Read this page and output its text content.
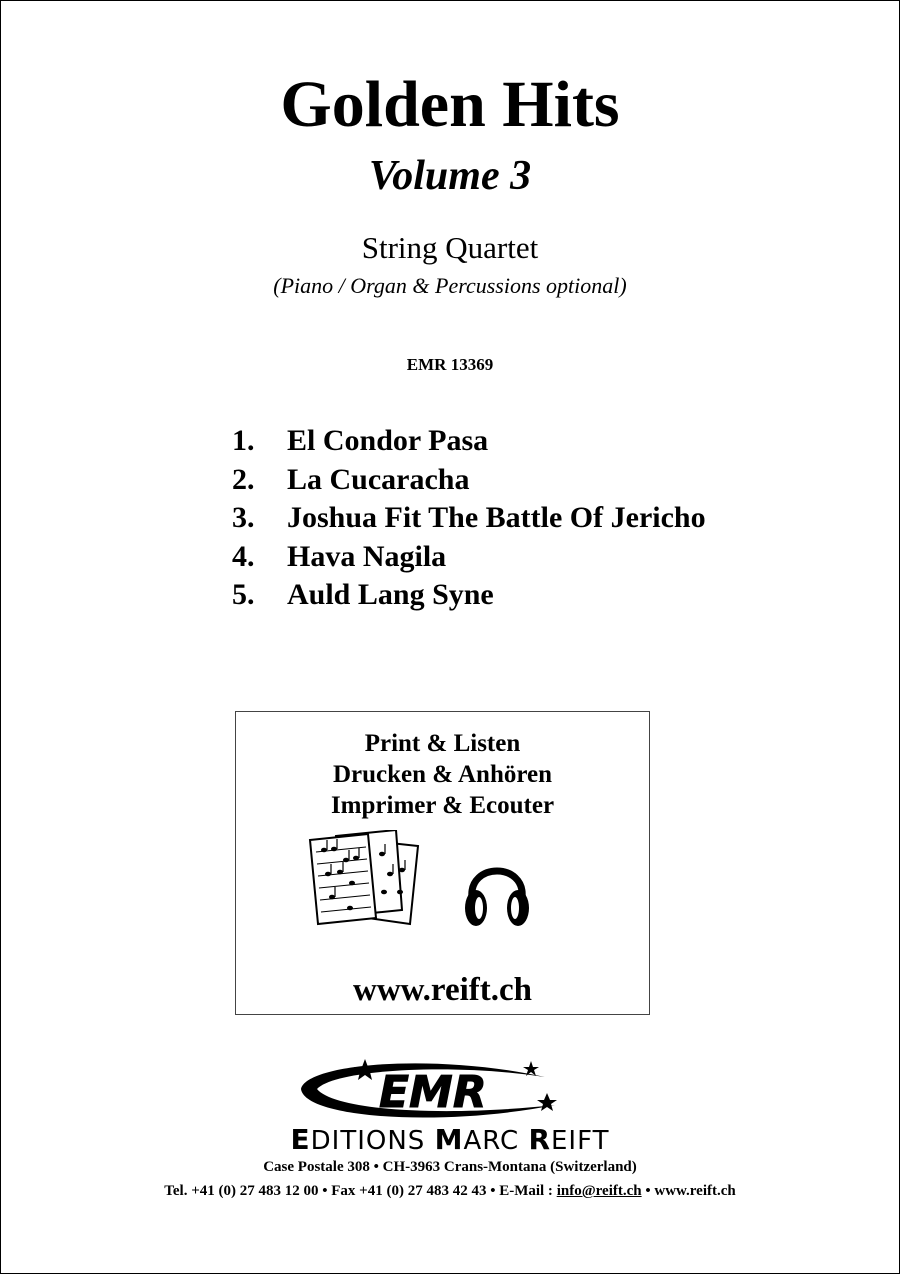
Golden Hits
Volume 3
String Quartet
(Piano / Organ & Percussions optional)
EMR 13369
1. El Condor Pasa
2. La Cucaracha
3. Joshua Fit The Battle Of Jericho
4. Hava Nagila
5. Auld Lang Syne
Print & Listen
Drucken & Anhören
Imprimer & Ecouter
www.reift.ch
EMR
EDITIONS MARC REIFT
Case Postale 308 • CH-3963 Crans-Montana (Switzerland)
Tel. +41 (0) 27 483 12 00 • Fax +41 (0) 27 483 42 43 • E-Mail : info@reift.ch • www.reift.ch
